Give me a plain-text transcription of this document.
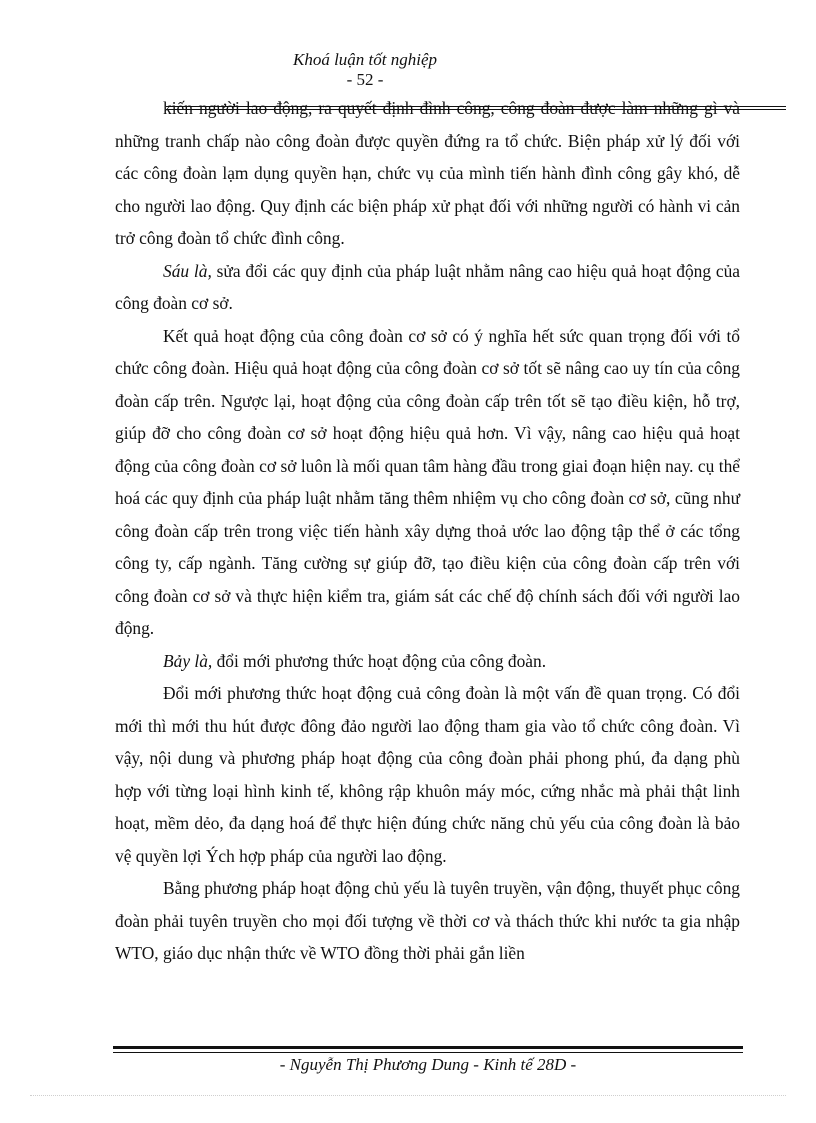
Khoá luận tốt nghiệp
- 52 -

kiến người lao động, ra quyết định đình công, công đoàn được làm những gì và những tranh chấp nào công đoàn được quyền đứng ra tổ chức. Biện pháp xử lý đối với các công đoàn lạm dụng quyền hạn, chức vụ của mình tiến hành đình công gây khó, dễ cho người lao động. Quy định các biện pháp xử phạt đối với những người có hành vi cản trở công đoàn tổ chức đình công.

Sáu là, sửa đổi các quy định của pháp luật nhằm nâng cao hiệu quả hoạt động của công đoàn cơ sở.

Kết quả hoạt động của công đoàn cơ sở có ý nghĩa hết sức quan trọng đối với tổ chức công đoàn. Hiệu quả hoạt động của công đoàn cơ sở tốt sẽ nâng cao uy tín của công đoàn cấp trên. Ngược lại, hoạt động của công đoàn cấp trên tốt sẽ tạo điều kiện, hỗ trợ, giúp đỡ cho công đoàn cơ sở hoạt động hiệu quả hơn. Vì vậy, nâng cao hiệu quả hoạt động của công đoàn cơ sở luôn là mối quan tâm hàng đầu trong giai đoạn hiện nay. cụ thể hoá các quy định của pháp luật nhằm tăng thêm nhiệm vụ cho công đoàn cơ sở, cũng như công đoàn cấp trên trong việc tiến hành xây dựng thoả ước lao động tập thể ở các tổng công ty, cấp ngành. Tăng cường sự giúp đỡ, tạo điều kiện của công đoàn cấp trên với công đoàn cơ sở và thực hiện kiểm tra, giám sát các chế độ chính sách đối với người lao động.

Bảy là, đổi mới phương thức hoạt động của công đoàn.

Đổi mới phương thức hoạt động cuả công đoàn là một vấn đề quan trọng. Có đổi mới thì mới thu hút được đông đảo người lao động tham gia vào tổ chức công đoàn. Vì vậy, nội dung và phương pháp hoạt động của công đoàn phải phong phú, đa dạng phù hợp với từng loại hình kinh tế, không rập khuôn máy móc, cứng nhắc mà phải thật linh hoạt, mềm dẻo, đa dạng hoá để thực hiện đúng chức năng chủ yếu của công đoàn là bảo vệ quyền lợi Ých hợp pháp của người lao động.

Bằng phương pháp hoạt động chủ yếu là tuyên truyền, vận động, thuyết phục công đoàn phải tuyên truyền cho mọi đối tượng về thời cơ và thách thức khi nước ta gia nhập WTO, giáo dục nhận thức về WTO đồng thời phải gắn liền

- Nguyễn Thị Phương Dung - Kinh tế 28D -
